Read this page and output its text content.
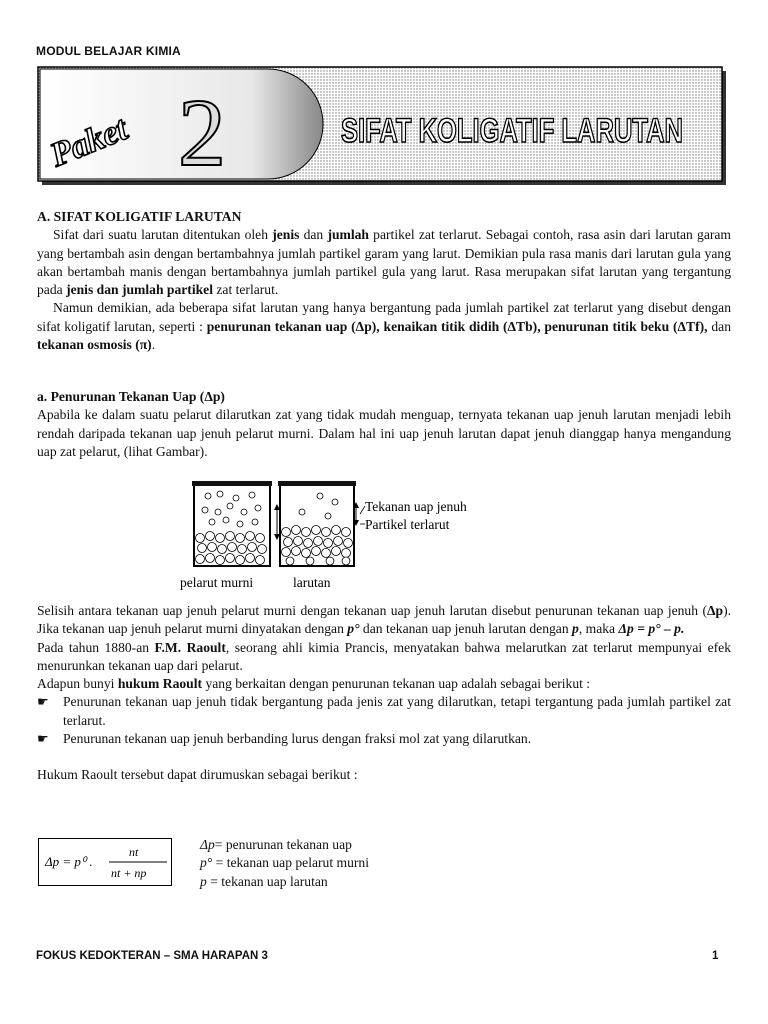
MODUL BELAJAR KIMIA
Paket 2	SIFAT KOLIGATIF LARUTAN

A. SIFAT KOLIGATIF LARUTAN

Sifat dari suatu larutan ditentukan oleh jenis dan jumlah partikel zat terlarut. Sebagai contoh, rasa asin dari larutan garam yang bertambah asin dengan bertambahnya jumlah partikel garam yang larut. Demikian pula rasa manis dari larutan gula yang akan bertambah manis dengan bertambahnya jumlah partikel gula yang larut. Rasa merupakan sifat larutan yang tergantung pada jenis dan jumlah partikel zat terlarut.

Namun demikian, ada beberapa sifat larutan yang hanya bergantung pada jumlah partikel zat terlarut yang disebut dengan sifat koligatif larutan, seperti : penurunan tekanan uap (Δp), kenaikan titik didih (ΔTb), penurunan titik beku (ΔTf), dan tekanan osmosis (π).

a. Penurunan Tekanan Uap (Δp)

Apabila ke dalam suatu pelarut dilarutkan zat yang tidak mudah menguap, ternyata tekanan uap jenuh larutan menjadi lebih rendah daripada tekanan uap jenuh pelarut murni. Dalam hal ini uap jenuh larutan dapat jenuh dianggap hanya mengandung uap zat pelarut, (lihat Gambar).

Tekanan uap jenuh
Partikel terlarut
pelarut murni	larutan

Selisih antara tekanan uap jenuh pelarut murni dengan tekanan uap jenuh larutan disebut penurunan tekanan uap jenuh (Δp). Jika tekanan uap jenuh pelarut murni dinyatakan dengan p° dan tekanan uap jenuh larutan dengan p, maka Δp = p° – p.

Pada tahun 1880-an F.M. Raoult, seorang ahli kimia Prancis, menyatakan bahwa melarutkan zat terlarut mempunyai efek menurunkan tekanan uap dari pelarut.

Adapun bunyi hukum Raoult yang berkaitan dengan penurunan tekanan uap adalah sebagai berikut :

☛ Penurunan tekanan uap jenuh tidak bergantung pada jenis zat yang dilarutkan, tetapi tergantung pada jumlah partikel zat terlarut.

☛ Penurunan tekanan uap jenuh berbanding lurus dengan fraksi mol zat yang dilarutkan.

Hukum Raoult tersebut dapat dirumuskan sebagai berikut :

Δp = p⁰ .
nt
nt + np
Δp= penurunan tekanan uap
p° = tekanan uap pelarut murni
p = tekanan uap larutan
FOKUS KEDOKTERAN – SMA HARAPAN 3	1
